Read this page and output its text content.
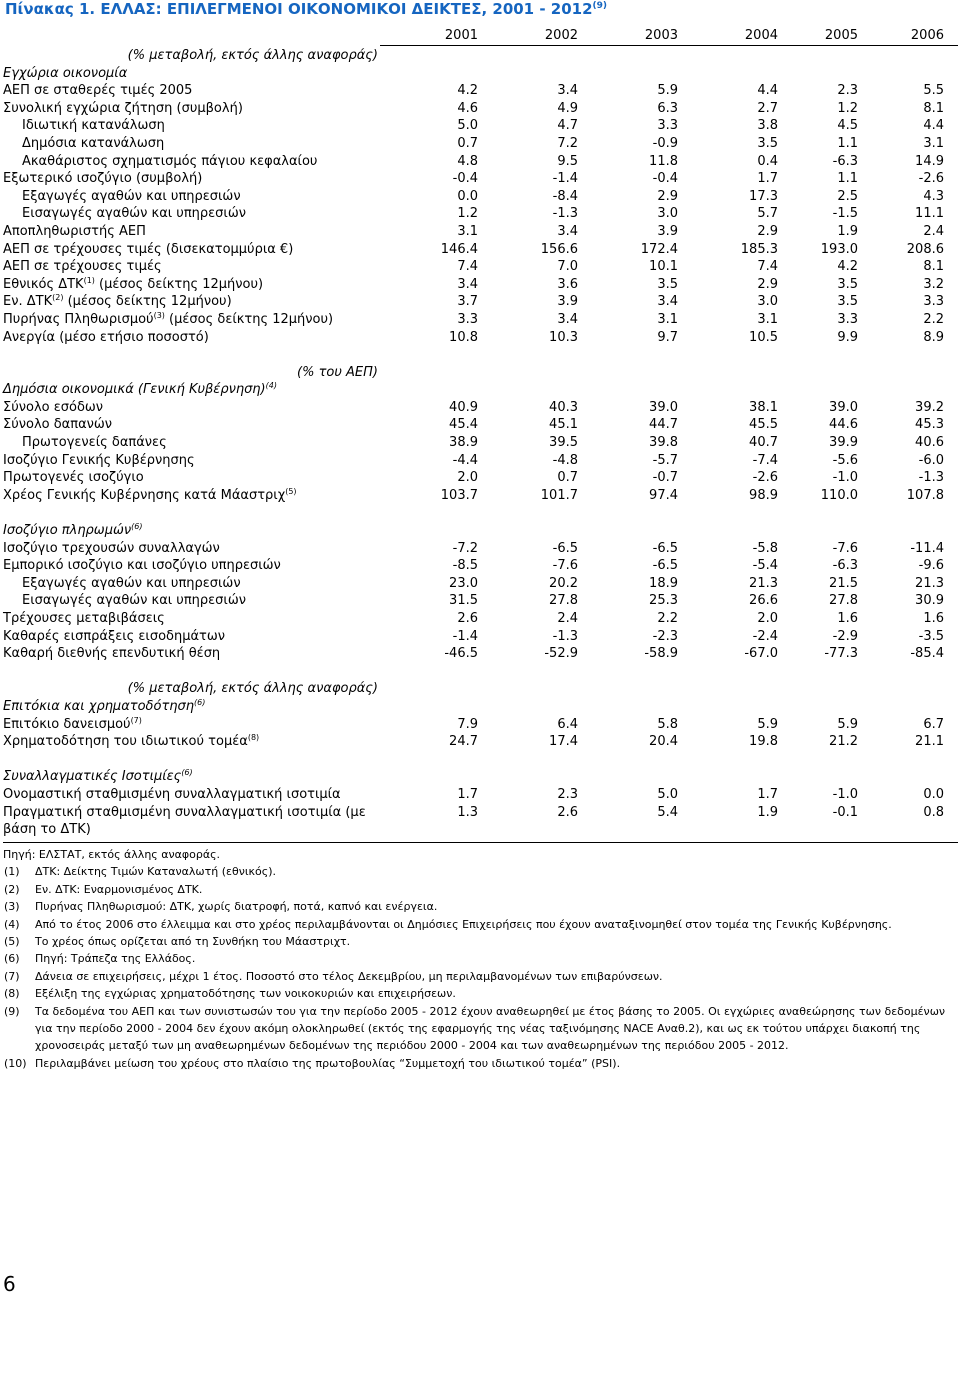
Πίνακας 1. ΕΛΛΑΣ: ΕΠΙΛΕΓΜΕΝΟΙ ΟΙΚΟΝΟΜΙΚΟΙ ΔΕΙΚΤΕΣ, 2001 - 2012$^{(9)}$
2001	2002	2003	2004	2005	2006
(% μεταβολή, εκτός άλλης αναφοράς)
Εγχώρια οικονομία
ΑΕΠ σε σταθερές τιμές 2005	4.2	3.4	5.9	4.4	2.3	5.5
Συνολική εγχώρια ζήτηση (συμβολή)	4.6	4.9	6.3	2.7	1.2	8.1
Ιδιωτική κατανάλωση	5.0	4.7	3.3	3.8	4.5	4.4
Δημόσια κατανάλωση	0.7	7.2	-0.9	3.5	1.1	3.1
Ακαθάριστος σχηματισμός πάγιου κεφαλαίου	4.8	9.5	11.8	0.4	-6.3	14.9
Εξωτερικό ισοζύγιο (συμβολή)	-0.4	-1.4	-0.4	1.7	1.1	-2.6
Εξαγωγές αγαθών και υπηρεσιών	0.0	-8.4	2.9	17.3	2.5	4.3
Εισαγωγές αγαθών και υπηρεσιών	1.2	-1.3	3.0	5.7	-1.5	11.1
Αποπληθωριστής ΑΕΠ	3.1	3.4	3.9	2.9	1.9	2.4
ΑΕΠ σε τρέχουσες τιμές (δισεκατομμύρια €)	146.4	156.6	172.4	185.3	193.0	208.6
ΑΕΠ σε τρέχουσες τιμές	7.4	7.0	10.1	7.4	4.2	8.1
Εθνικός ΔΤΚ$^{(1)}$ (μέσος δείκτης 12μήνου)	3.4	3.6	3.5	2.9	3.5	3.2
Εν. ΔΤΚ$^{(2)}$ (μέσος δείκτης 12μήνου)	3.7	3.9	3.4	3.0	3.5	3.3
Πυρήνας Πληθωρισμού$^{(3)}$ (μέσος δείκτης 12μήνου)	3.3	3.4	3.1	3.1	3.3	2.2
Ανεργία (μέσο ετήσιο ποσοστό)	10.8	10.3	9.7	10.5	9.9	8.9
(% του ΑΕΠ)
Δημόσια οικονομικά (Γενική Κυβέρνηση)$^{(4)}$
Σύνολο εσόδων	40.9	40.3	39.0	38.1	39.0	39.2
Σύνολο δαπανών	45.4	45.1	44.7	45.5	44.6	45.3
Πρωτογενείς δαπάνες	38.9	39.5	39.8	40.7	39.9	40.6
Ισοζύγιο Γενικής Κυβέρνησης	-4.4	-4.8	-5.7	-7.4	-5.6	-6.0
Πρωτογενές ισοζύγιο	2.0	0.7	-0.7	-2.6	-1.0	-1.3
Χρέος Γενικής Κυβέρνησης κατά Μάαστριχ$^{(5)}$	103.7	101.7	97.4	98.9	110.0	107.8
Ισοζύγιο πληρωμών$^{(6)}$
Ισοζύγιο τρεχουσών συναλλαγών	-7.2	-6.5	-6.5	-5.8	-7.6	-11.4
Εμπορικό ισοζύγιο και ισοζύγιο υπηρεσιών	-8.5	-7.6	-6.5	-5.4	-6.3	-9.6
Εξαγωγές αγαθών και υπηρεσιών	23.0	20.2	18.9	21.3	21.5	21.3
Εισαγωγές αγαθών και υπηρεσιών	31.5	27.8	25.3	26.6	27.8	30.9
Τρέχουσες μεταβιβάσεις	2.6	2.4	2.2	2.0	1.6	1.6
Καθαρές εισπράξεις εισοδημάτων	-1.4	-1.3	-2.3	-2.4	-2.9	-3.5
Καθαρή διεθνής επενδυτική θέση	-46.5	-52.9	-58.9	-67.0	-77.3	-85.4
(% μεταβολή, εκτός άλλης αναφοράς)
Επιτόκια και χρηματοδότηση$^{(6)}$
Επιτόκιο δανεισμού$^{(7)}$	7.9	6.4	5.8	5.9	5.9	6.7
Χρηματοδότηση του ιδιωτικού τομέα$^{(8)}$	24.7	17.4	20.4	19.8	21.2	21.1
Συναλλαγματικές Ισοτιμίες$^{(6)}$
Ονομαστική σταθμισμένη συναλλαγματική ισοτιμία	1.7	2.3	5.0	1.7	-1.0	0.0
Πραγματική σταθμισμένη συναλλαγματική ισοτιμία (με βάση το ΔΤΚ)
1.3	2.6	5.4	1.9	-0.1	0.8
Πηγή: ΕΛΣΤΑΤ, εκτός άλλης αναφοράς.
(1) ΔΤΚ: Δείκτης Τιμών Καταναλωτή (εθνικός).
(2) Εν. ΔΤΚ: Εναρμονισμένος ΔΤΚ.
(3) Πυρήνας Πληθωρισμού: ΔΤΚ, χωρίς διατροφή, ποτά, καπνό και ενέργεια.
(4) Από το έτος 2006 στο έλλειμμα και στο χρέος περιλαμβάνονται οι Δημόσιες Επιχειρήσεις που έχουν αναταξινομηθεί στον τομέα της Γενικής Κυβέρνησης.
(5) Το χρέος όπως ορίζεται από τη Συνθήκη του Μάαστριχτ.
(6) Πηγή: Τράπεζα της Ελλάδος.
(7) Δάνεια σε επιχειρήσεις, μέχρι 1 έτος. Ποσοστό στο τέλος Δεκεμβρίου, μη περιλαμβανομένων των επιβαρύνσεων.
(8) Εξέλιξη της εγχώριας χρηματοδότησης των νοικοκυριών και επιχειρήσεων.
(9) Τα δεδομένα του ΑΕΠ και των συνιστωσών του για την περίοδο 2005 - 2012 έχουν αναθεωρηθεί με έτος βάσης το 2005. Οι εγχώριες αναθεώρησης των δεδομένων για την περίοδο 2000 - 2004 δεν έχουν ακόμη ολοκληρωθεί (εκτός της εφαρμογής της νέας ταξινόμησης NACE Αναθ.2), και ως εκ τούτου υπάρχει διακοπή της χρονοσειράς μεταξύ των μη αναθεωρημένων δεδομένων της περιόδου 2000 - 2004 και των αναθεωρημένων της περιόδου 2005 - 2012.
(10) Περιλαμβάνει μείωση του χρέους στο πλαίσιο της πρωτοβουλίας “Συμμετοχή του ιδιωτικού τομέα” (PSI).
6
